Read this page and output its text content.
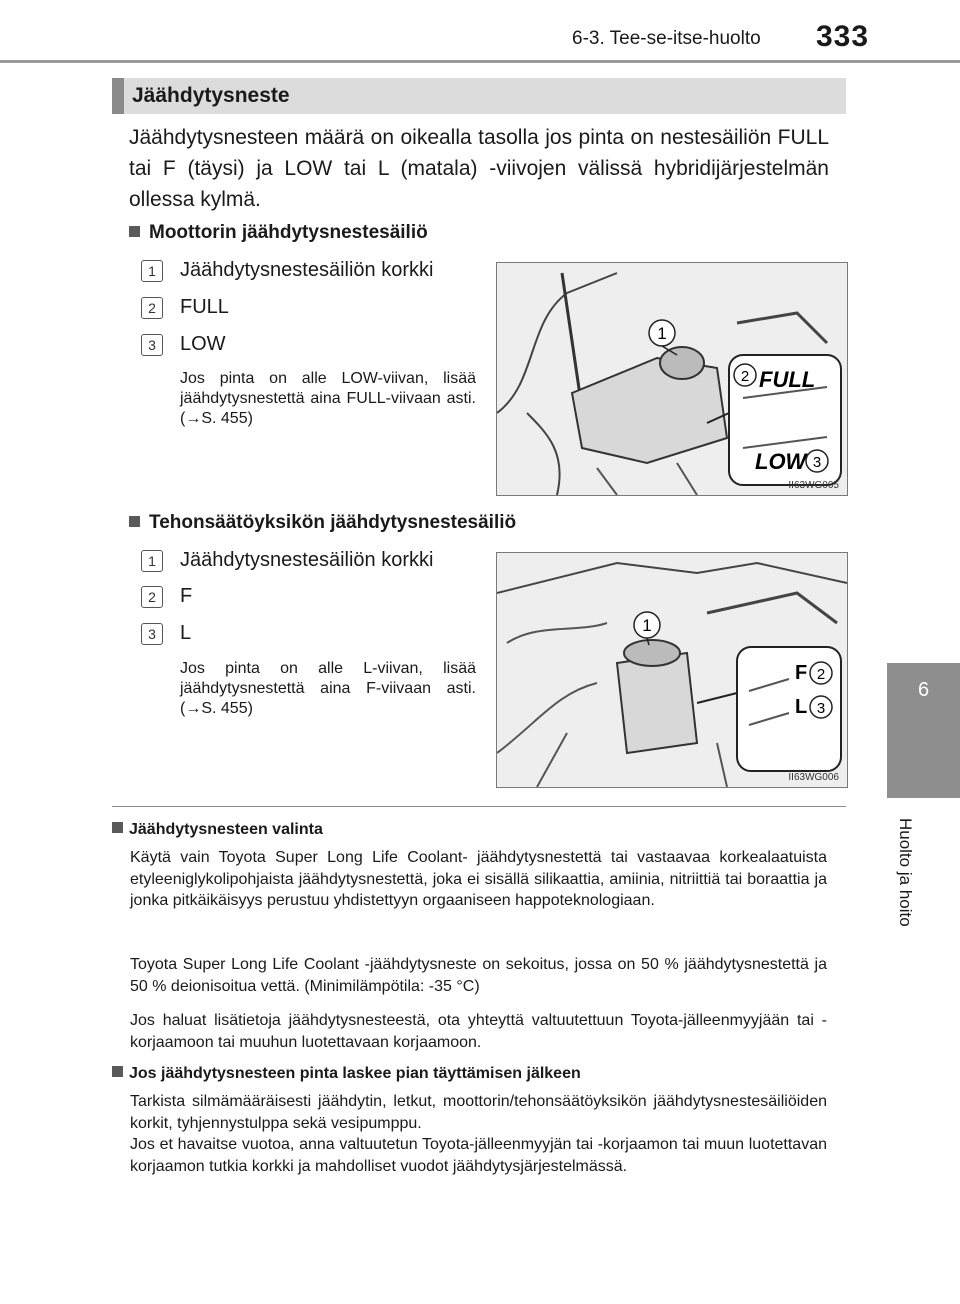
6-3. Tee-se-itse-huolto 333
6
Huolto ja hoito
Jäähdytysneste
Jäähdytysnesteen määrä on oikealla tasolla jos pinta on nestesäiliön FULL tai F (täysi) ja LOW tai L (matala) -viivojen välissä hybridijärjestelmän ollessa kylmä.
Moottorin jäähdytysnestesäiliö
1	Jäähdytysnestesäiliön korkki
2	FULL
3	LOW
Jos pinta on alle LOW-viivan, lisää jäähdytysnestettä aina FULL-viivaan asti. (→S. 455)
1
2 FULL
LOW 3
II63WG005
Tehonsäätöyksikön jäähdytysnestesäiliö
1	Jäähdytysnestesäiliön korkki
2	F
3	L
Jos pinta on alle L-viivan, lisää jäähdytysnestettä aina F-viivaan asti. (→S. 455)
1
F
L
2
3
II63WG006
Jäähdytysnesteen valinta
Käytä vain Toyota Super Long Life Coolant- jäähdytysnestettä tai vastaavaa korkealaatuista etyleeniglykolipohjaista jäähdytysnestettä, joka ei sisällä silikaattia, amiinia, nitriittiä tai boraattia ja jonka pitkäikäisyys perustuu yhdistettyyn orgaaniseen happoteknologiaan.
Toyota Super Long Life Coolant -jäähdytysneste on sekoitus, jossa on 50 % jäähdytysnestettä ja 50 % deionisoitua vettä. (Minimilämpötila: -35 °C)
Jos haluat lisätietoja jäähdytysnesteestä, ota yhteyttä valtuutettuun Toyota-jälleenmyyjään tai -korjaamoon tai muuhun luotettavaan korjaamoon.
Jos jäähdytysnesteen pinta laskee pian täyttämisen jälkeen
Tarkista silmämääräisesti jäähdytin, letkut, moottorin/tehonsäätöyksikön jäähdytysnestesäiliöiden korkit, tyhjennystulppa sekä vesipumppu.
Jos et havaitse vuotoa, anna valtuutetun Toyota-jälleenmyyjän tai -korjaamon tai muun luotettavan korjaamon tutkia korkki ja mahdolliset vuodot jäähdytysjärjestelmässä.
